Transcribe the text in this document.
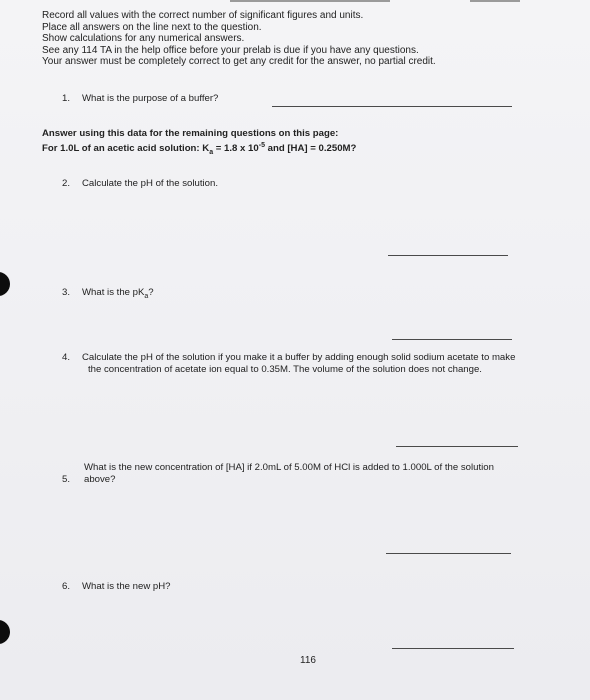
Record all values with the correct number of significant figures and units.
Place all answers on the line next to the question.
Show calculations for any numerical answers.
See any 114 TA in the help office before your prelab is due if you have any questions.
Your answer must be completely correct to get any credit for the answer, no partial credit.
1. What is the purpose of a buffer?
Answer using this data for the remaining questions on this page:
For 1.0L of an acetic acid solution: $K_a = 1.8$ x $10^{-5}$ and [HA] = 0.250M?
2. Calculate the pH of the solution.
3. What is the $pK_a$?
4. Calculate the pH of the solution if you make it a buffer by adding enough solid sodium acetate to make
the concentration of acetate ion equal to 0.35M. The volume of the solution does not change.
5.
What is the new concentration of [HA] if 2.0mL of 5.00M of HCl is added to 1.000L of the solution
above?
6. What is the new pH?
116
